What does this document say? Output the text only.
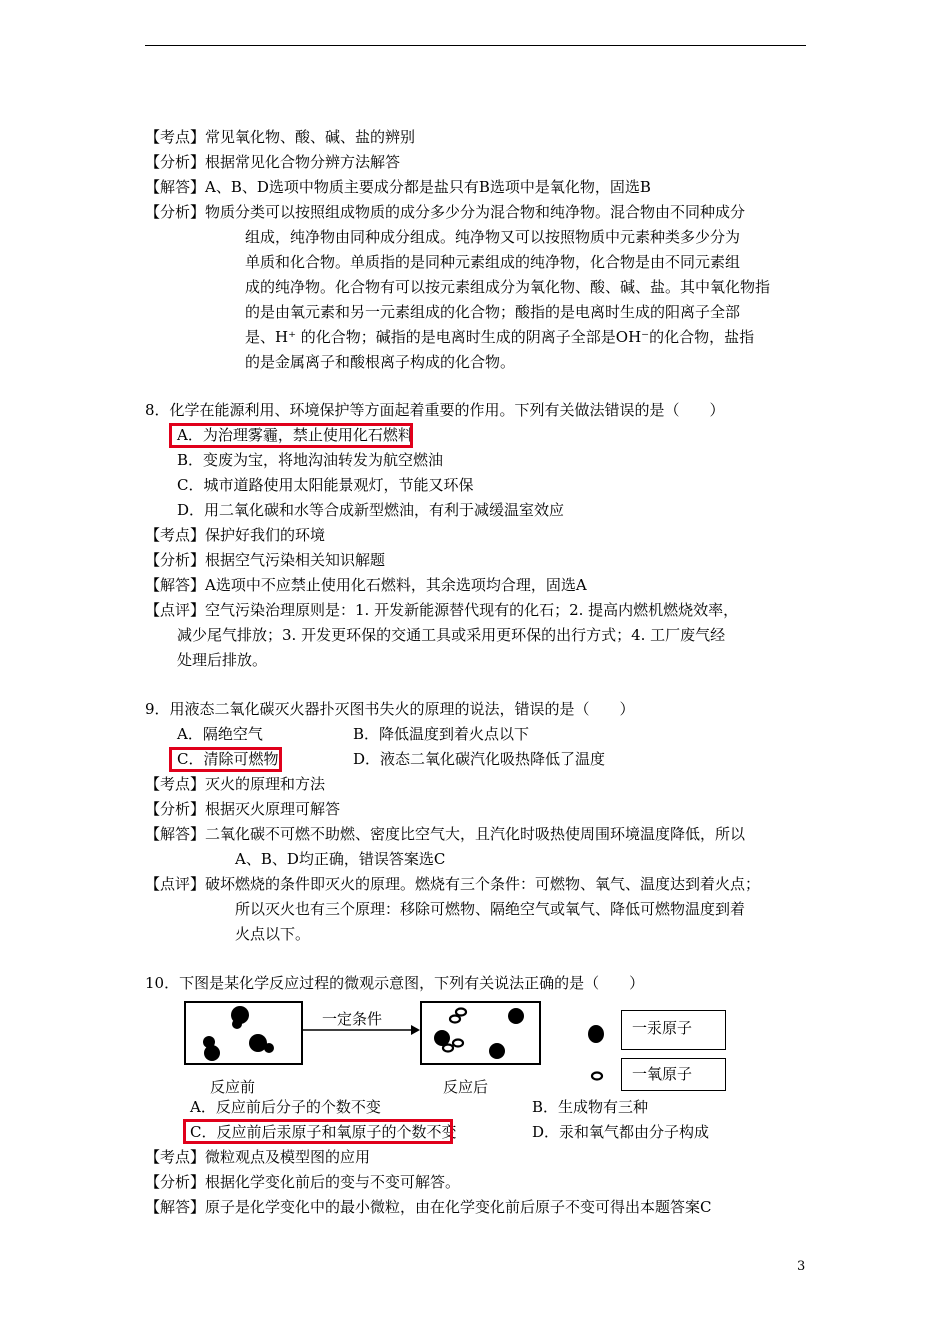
【考点】常见氧化物、酸、碱、盐的辨别
【分析】根据常见化合物分辨方法解答
【解答】A、B、D选项中物质主要成分都是盐只有B选项中是氧化物，固选B
【分析】物质分类可以按照组成物质的成分多少分为混合物和纯净物。混合物由不同种成分
组成，纯净物由同种成分组成。纯净物又可以按照物质中元素种类多少分为
单质和化合物。单质指的是同种元素组成的纯净物，化合物是由不同元素组
成的纯净物。化合物有可以按元素组成分为氧化物、酸、碱、盐。其中氧化物指
的是由氧元素和另一元素组成的化合物；酸指的是电离时生成的阳离子全部
是、H⁺ 的化合物；碱指的是电离时生成的阴离子全部是OH⁻的化合物，盐指
的是金属离子和酸根离子构成的化合物。
8．化学在能源利用、环境保护等方面起着重要的作用。下列有关做法错误的是（　　）
A．为治理雾霾，禁止使用化石燃料
B．变废为宝，将地沟油转发为航空燃油
C．城市道路使用太阳能景观灯，节能又环保
D．用二氧化碳和水等合成新型燃油，有利于减缓温室效应
【考点】保护好我们的环境
【分析】根据空气污染相关知识解题
【解答】A选项中不应禁止使用化石燃料，其余选项均合理，固选A
【点评】空气污染治理原则是：1. 开发新能源替代现有的化石；2. 提高内燃机燃烧效率，
减少尾气排放；3. 开发更环保的交通工具或采用更环保的出行方式；4. 工厂废气经
处理后排放。
9．用液态二氧化碳灭火器扑灭图书失火的原理的说法，错误的是（　　）
A．隔绝空气	B．降低温度到着火点以下
C．清除可燃物	D．液态二氧化碳汽化吸热降低了温度
【考点】灭火的原理和方法
【分析】根据灭火原理可解答
【解答】二氧化碳不可燃不助燃、密度比空气大，且汽化时吸热使周围环境温度降低，所以
A、B、D均正确，错误答案选C
【点评】破坏燃烧的条件即灭火的原理。燃烧有三个条件：可燃物、氧气、温度达到着火点；
所以灭火也有三个原理：移除可燃物、隔绝空气或氧气、降低可燃物温度到着
火点以下。
10．下图是某化学反应过程的微观示意图，下列有关说法正确的是（　　）
一定条件
反应前	反应后
一汞原子
一氧原子
A．反应前后分子的个数不变	B．生成物有三种
C．反应前后汞原子和氧原子的个数不变	D．汞和氧气都由分子构成
【考点】微粒观点及模型图的应用
【分析】根据化学变化前后的变与不变可解答。
【解答】原子是化学变化中的最小微粒，由在化学变化前后原子不变可得出本题答案C
3
